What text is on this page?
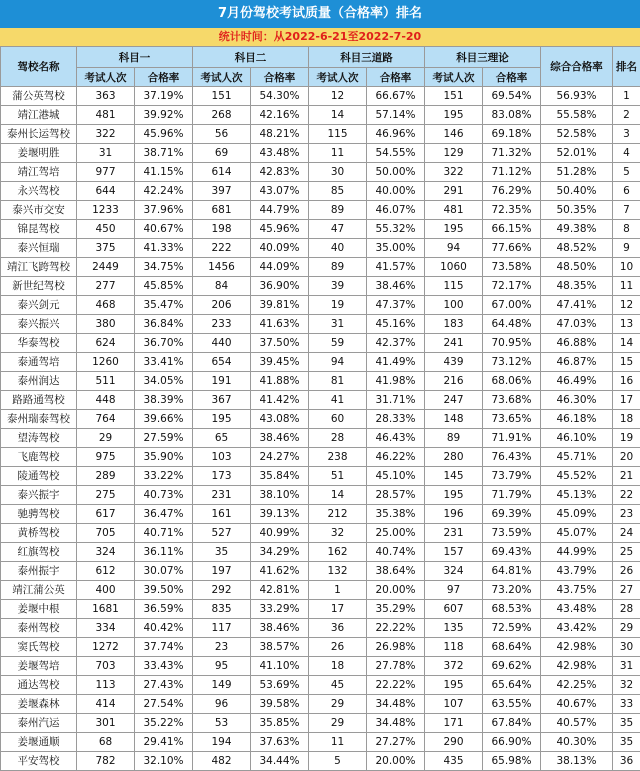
7月份驾校考试质量（合格率）排名
统计时间：从2022-6-21至2022-7-20
驾校名称	科目一		科目二		科目三道路		科目三理论		综合合格率	排名
	考试人次	合格率	考试人次	合格率	考试人次	合格率	考试人次	合格率		
蒲公英驾校	363	37.19%	151	54.30%	12	66.67%	151	69.54%	56.93%	1
靖江港城	481	39.92%	268	42.16%	14	57.14%	195	83.08%	55.58%	2
泰州长运驾校	322	45.96%	56	48.21%	115	46.96%	146	69.18%	52.58%	3
姜堰明胜	31	38.71%	69	43.48%	11	54.55%	129	71.32%	52.01%	4
靖江驾培	977	41.15%	614	42.83%	30	50.00%	322	71.12%	51.28%	5
永兴驾校	644	42.24%	397	43.07%	85	40.00%	291	76.29%	50.40%	6
泰兴市交安	1233	37.96%	681	44.79%	89	46.07%	481	72.35%	50.35%	7
锦昆驾校	450	40.67%	198	45.96%	47	55.32%	195	66.15%	49.38%	8
泰兴恒瑞	375	41.33%	222	40.09%	40	35.00%	94	77.66%	48.52%	9
靖江飞跨驾校	2449	34.75%	1456	44.09%	89	41.57%	1060	73.58%	48.50%	10
新世纪驾校	277	45.85%	84	36.90%	39	38.46%	115	72.17%	48.35%	11
泰兴剑元	468	35.47%	206	39.81%	19	47.37%	100	67.00%	47.41%	12
泰兴振兴	380	36.84%	233	41.63%	31	45.16%	183	64.48%	47.03%	13
华泰驾校	624	36.70%	440	37.50%	59	42.37%	241	70.95%	46.88%	14
泰通驾培	1260	33.41%	654	39.45%	94	41.49%	439	73.12%	46.87%	15
泰州润达	511	34.05%	191	41.88%	81	41.98%	216	68.06%	46.49%	16
路路通驾校	448	38.39%	367	41.42%	41	31.71%	247	73.68%	46.30%	17
泰州瑞泰驾校	764	39.66%	195	43.08%	60	28.33%	148	73.65%	46.18%	18
望涛驾校	29	27.59%	65	38.46%	28	46.43%	89	71.91%	46.10%	19
飞鹿驾校	975	35.90%	103	24.27%	238	46.22%	280	76.43%	45.71%	20
陵通驾校	289	33.22%	173	35.84%	51	45.10%	145	73.79%	45.52%	21
泰兴振宇	275	40.73%	231	38.10%	14	28.57%	195	71.79%	45.13%	22
驰骋驾校	617	36.47%	161	39.13%	212	35.38%	196	69.39%	45.09%	23
黄桥驾校	705	40.71%	527	40.99%	32	25.00%	231	73.59%	45.07%	24
红旗驾校	324	36.11%	35	34.29%	162	40.74%	157	69.43%	44.99%	25
泰州振宇	612	30.07%	197	41.62%	132	38.64%	324	64.81%	43.79%	26
靖江蒲公英	400	39.50%	292	42.81%	1	20.00%	97	73.20%	43.75%	27
姜堰中根	1681	36.59%	835	33.29%	17	35.29%	607	68.53%	43.48%	28
泰州驾校	334	40.42%	117	38.46%	36	22.22%	135	72.59%	43.42%	29
窦氏驾校	1272	37.74%	23	38.57%	26	26.98%	118	68.64%	42.98%	30
姜堰驾培	703	33.43%	95	41.10%	18	27.78%	372	69.62%	42.98%	31
通达驾校	113	27.43%	149	53.69%	45	22.22%	195	65.64%	42.25%	32
姜堰森林	414	27.54%	96	39.58%	29	34.48%	107	63.55%	40.67%	33
泰州汽运	301	35.22%	53	35.85%	29	34.48%	171	67.84%	40.57%	35
姜堰通顺	68	29.41%	194	37.63%	11	27.27%	290	66.90%	40.30%	35
平安驾校	782	32.10%	482	34.44%	5	20.00%	435	65.98%	38.13%	36
